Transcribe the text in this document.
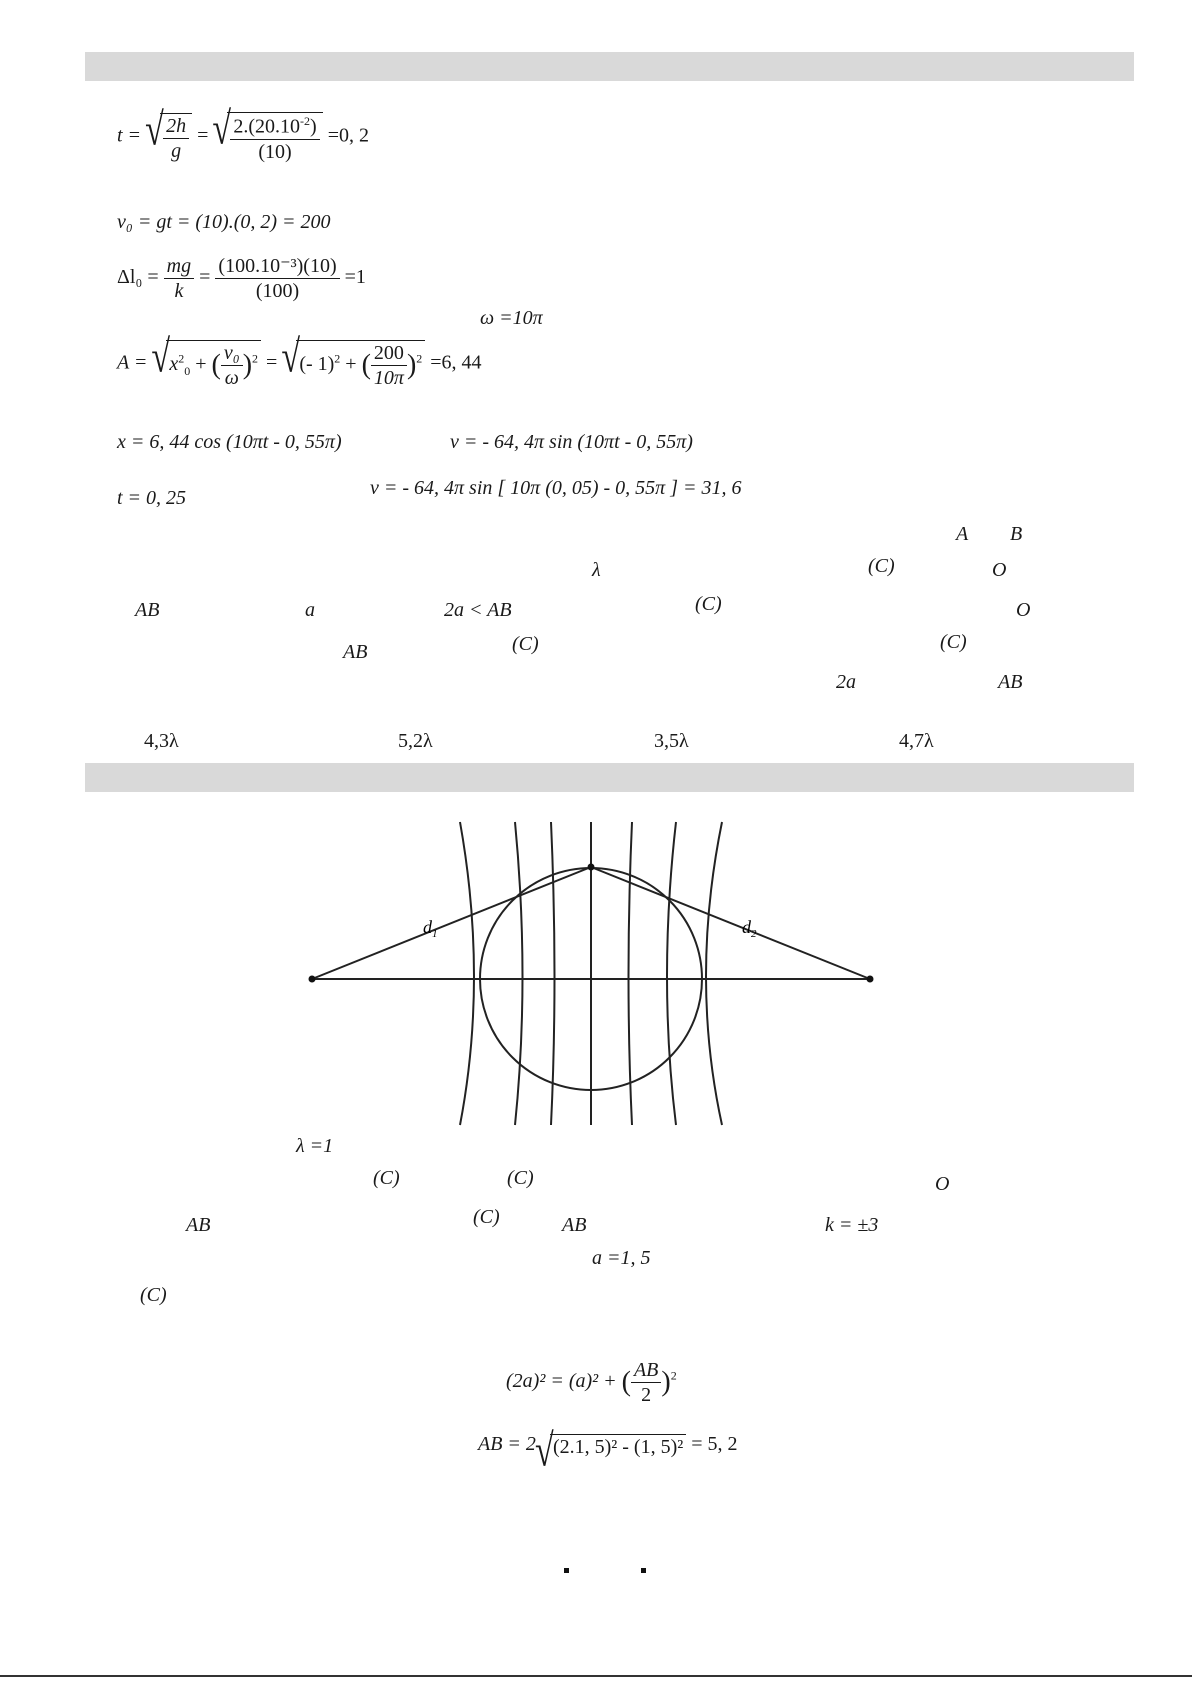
t = √ $\frac{2h}{g}$ = √ $\frac{2.(20.10^{-2})}{(10)} =0$, 2
v₀ = gt = (10).(0, 2) = 200
$\Delta l_0 = \frac{mg}{k} = \frac{\text{(100.10⁻³)(10)}}{(100)} =1$
ω =10π
A = √ $x^2_0$ + ( $\frac{\text{v₀}}{\omega} )^2$ = √ (- 1)$^2$ + ( $\frac{200}{10\pi} )^2 =6$, 44
x = 6, 44 cos (10πt - 0, 55π)	v = - 64, 4π sin (10πt - 0, 55π)
t = 0, 25	v = - 64, 4π sin [ 10π (0, 05) - 0, 55π ] = 31, 6
A B
λ	(C)	O
AB	a	2a < AB	(C)	O
AB	(C)	(C)
2a	AB
4,3λ	5,2λ	3,5λ	4,7λ
$d_1$	$d_2$
λ =1
(C)	(C)	O
AB	(C)	AB	k = ±3
a =1, 5
(C)
(2a)² = (a)² + ( $\frac{AB}{2} )^2$
AB = 2 √ (2.1, 5)² - (1, 5)² = 5, 2
